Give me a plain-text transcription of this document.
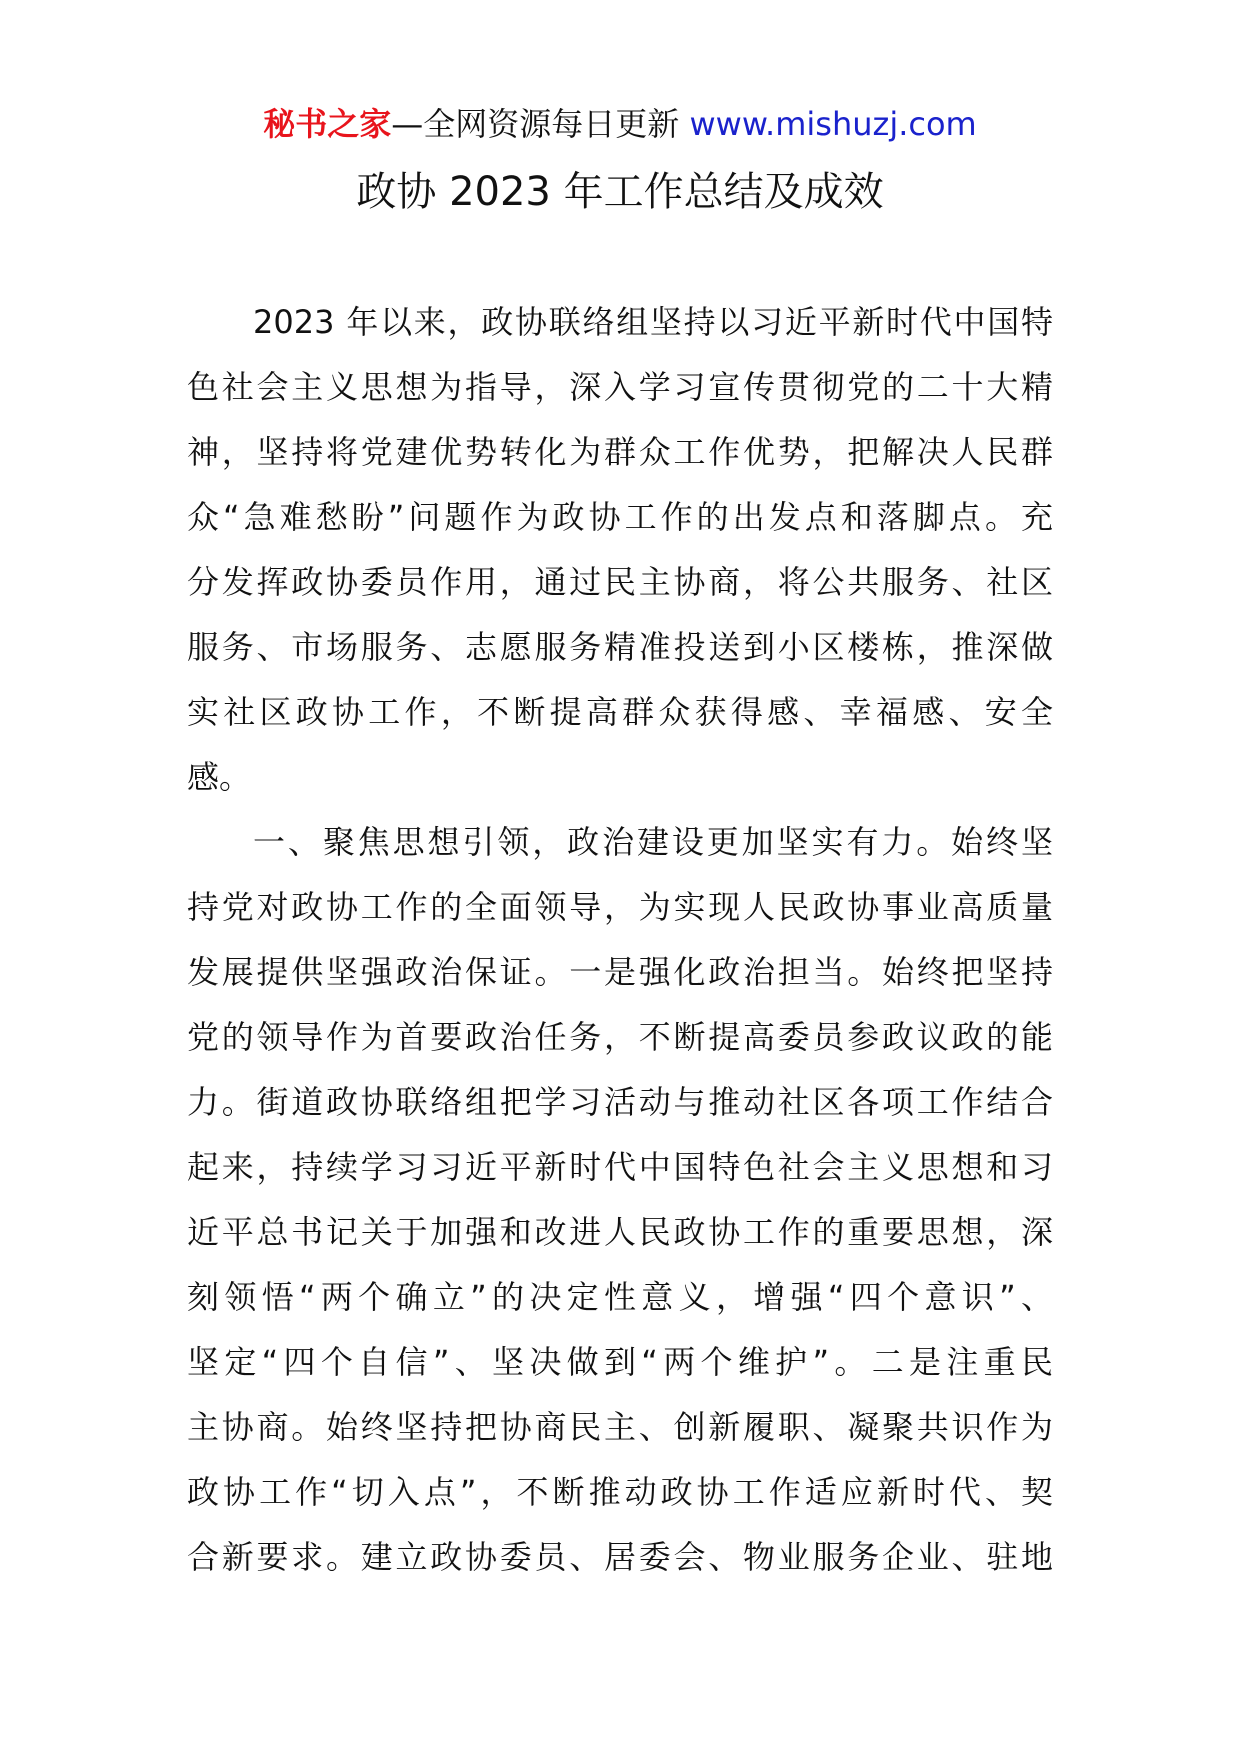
秘书之家—全网资源每日更新 www.mishuzj.com
政协 2023 年工作总结及成效
2023 年以来，政协联络组坚持以习近平新时代中国特
色社会主义思想为指导，深入学习宣传贯彻党的二十大精
神，坚持将党建优势转化为群众工作优势，把解决人民群
众“急难愁盼”问题作为政协工作的出发点和落脚点。充
分发挥政协委员作用，通过民主协商，将公共服务、社区
服务、市场服务、志愿服务精准投送到小区楼栋，推深做
实社区政协工作，不断提高群众获得感、幸福感、安全
感。
一、聚焦思想引领，政治建设更加坚实有力。始终坚
持党对政协工作的全面领导，为实现人民政协事业高质量
发展提供坚强政治保证。一是强化政治担当。始终把坚持
党的领导作为首要政治任务，不断提高委员参政议政的能
力。街道政协联络组把学习活动与推动社区各项工作结合
起来，持续学习习近平新时代中国特色社会主义思想和习
近平总书记关于加强和改进人民政协工作的重要思想，深
刻领悟“两个确立”的决定性意义，增强“四个意识”、
坚定“四个自信”、坚决做到“两个维护”。二是注重民
主协商。始终坚持把协商民主、创新履职、凝聚共识作为
政协工作“切入点”，不断推动政协工作适应新时代、契
合新要求。建立政协委员、居委会、物业服务企业、驻地
